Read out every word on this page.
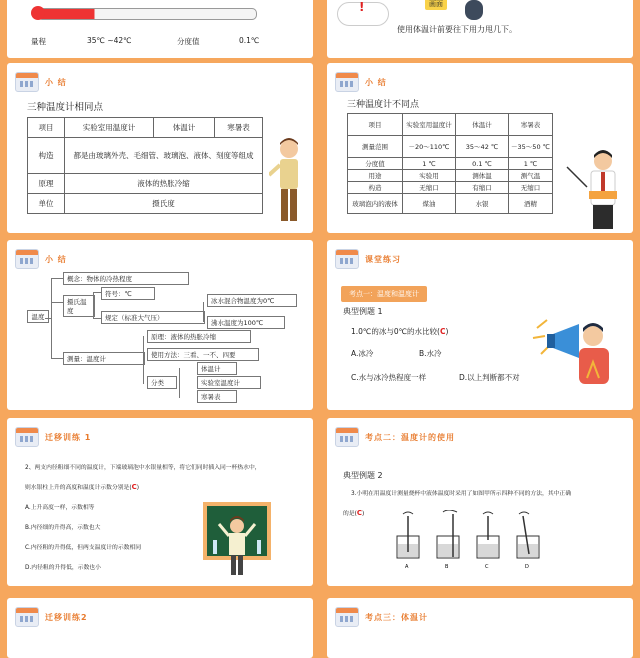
量程	35℃ ~42℃	分度值	0.1℃
!	画面
使用体温计前要往下用力甩几下。
小 结
三种温度计相同点
项目	实验室用温度计	体温计	寒暑表
构造	都是由玻璃外壳、毛细管、玻璃泡、液体、刻度等组成		
原理	液体的热胀冷缩		
单位	摄氏度		
小 结
三种温度计不同点
项目	实验室用温度计	体温计	寒暑表
测量范围	－20～110℃	35～42 ℃	－35～50 ℃
分度值	1 ℃	0.1 ℃	1 ℃
用途	实验用	测体温	测气温
构造	无缩口	有缩口	无缩口
玻璃泡内的液体	煤油	水银	酒精
小 结
温度
概念：物体的冷热程度
摄氏温度
符号：℃
规定（标准大气压）
冰水混合物温度为0℃
沸水温度为100℃
测量：温度计
原理：液体的热胀冷缩
使用方法：三看、一不、四要
分类
体温计
实验室温度计
寒暑表
课堂练习
考点一：温度和温度计
典型例题 1
1.0℃的冰与0℃的水比较(C)
A.冰冷	B.水冷
C.水与冰冷热程度一样	D.以上判断都不对
迁移训练 1
2、两支内径粗细不同的温度计，下端玻璃泡中水银量相等，将它们同时插入同一杯热水中，
则水银柱上升的高度和温度计示数分别是(C)
A.上升高度一样，示数相等
B.内径细的升得高，示数也大
C.内径粗的升得低，但两支温度计的示数相同
D.内径粗的升得低，示数也小
考点二：温度计的使用
典型例题 2
3.小明在用温度计测量烧杯中液体温度时采用了如图甲所示四种不同的方法，其中正确
的是(C)
A	B	C	D
迁移训练2	考点三：体温计
